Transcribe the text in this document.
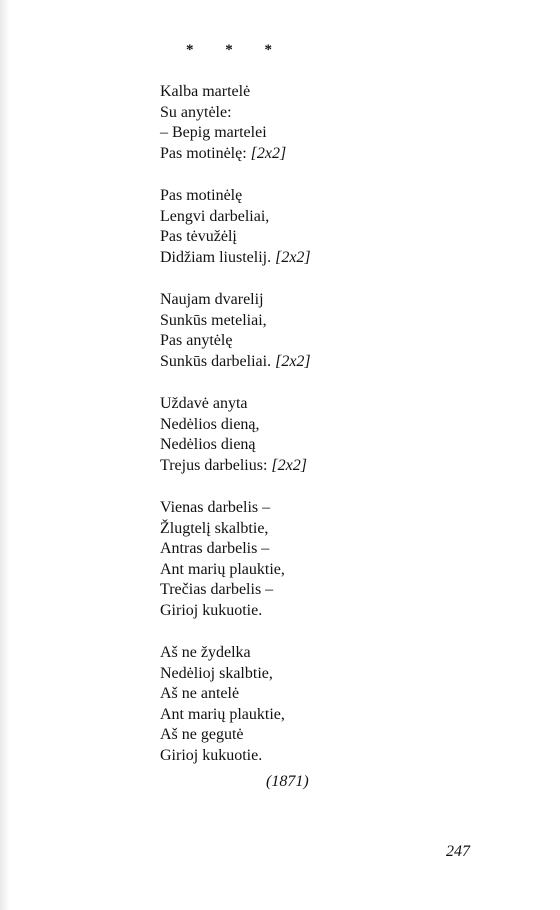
* * *
Kalba martelė
Su anytėle:
– Bepig martelei
Pas motinėlę: [2x2]
Pas motinėlę
Lengvi darbeliai,
Pas tėvužėlį
Didžiam liustelij. [2x2]
Naujam dvarelij
Sunkūs meteliai,
Pas anytėlę
Sunkūs darbeliai. [2x2]
Uždavė anyta
Nedėlios dieną,
Nedėlios dieną
Trejus darbelius: [2x2]
Vienas darbelis –
Žlugtelį skalbtie,
Antras darbelis –
Ant marių plauktie,
Trečias darbelis –
Girioj kukuotie.
Aš ne žydelka
Nedėlioj skalbtie,
Aš ne antelė
Ant marių plauktie,
Aš ne gegutė
Girioj kukuotie.
(1871)
247
